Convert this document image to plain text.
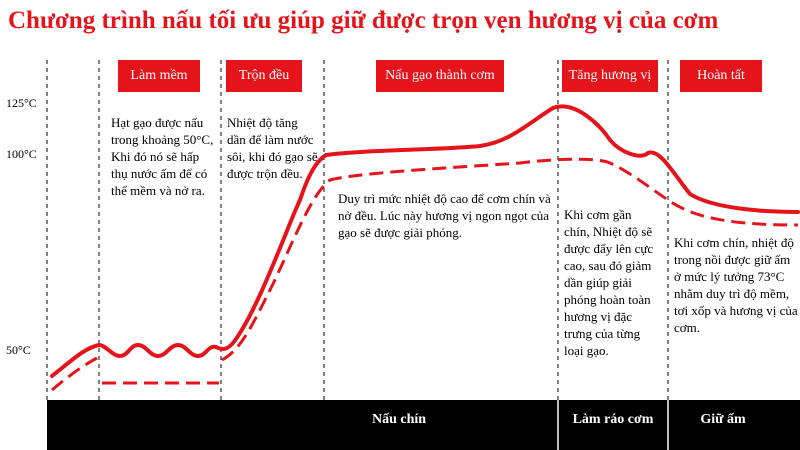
Chương trình nấu tối ưu giúp giữ được trọn vẹn hương vị của cơm
125°C
100°C
50°C
Làm mềm	Trộn đều	Nấu gạo thành cơm	Tăng hương vị	Hoàn tất
Hạt gạo được nấu trong khoảng 50°C, Khi đó nó sẽ hấp thụ nước ấm để có thể mềm và nở ra.
Nhiệt độ tăng dần để làm nước sôi, khi đó gạo sẽ được trộn đều.
Duy trì mức nhiệt độ cao để cơm chín và nở đều. Lúc này hương vị ngon ngọt của gạo sẽ được giải phóng.
Khi cơm gần chín, Nhiệt độ sẽ được đẩy lên cực cao, sau đó giảm dần giúp giải phóng hoàn toàn hương vị đặc trưng của từng loại gạo.
Khi cơm chín, nhiệt độ trong nồi được giữ ấm ở mức lý tưởng 73°C nhằm duy trì độ mềm, tơi xốp và hương vị của cơm.
Nấu chín	Làm ráo cơm	Giữ ấm
